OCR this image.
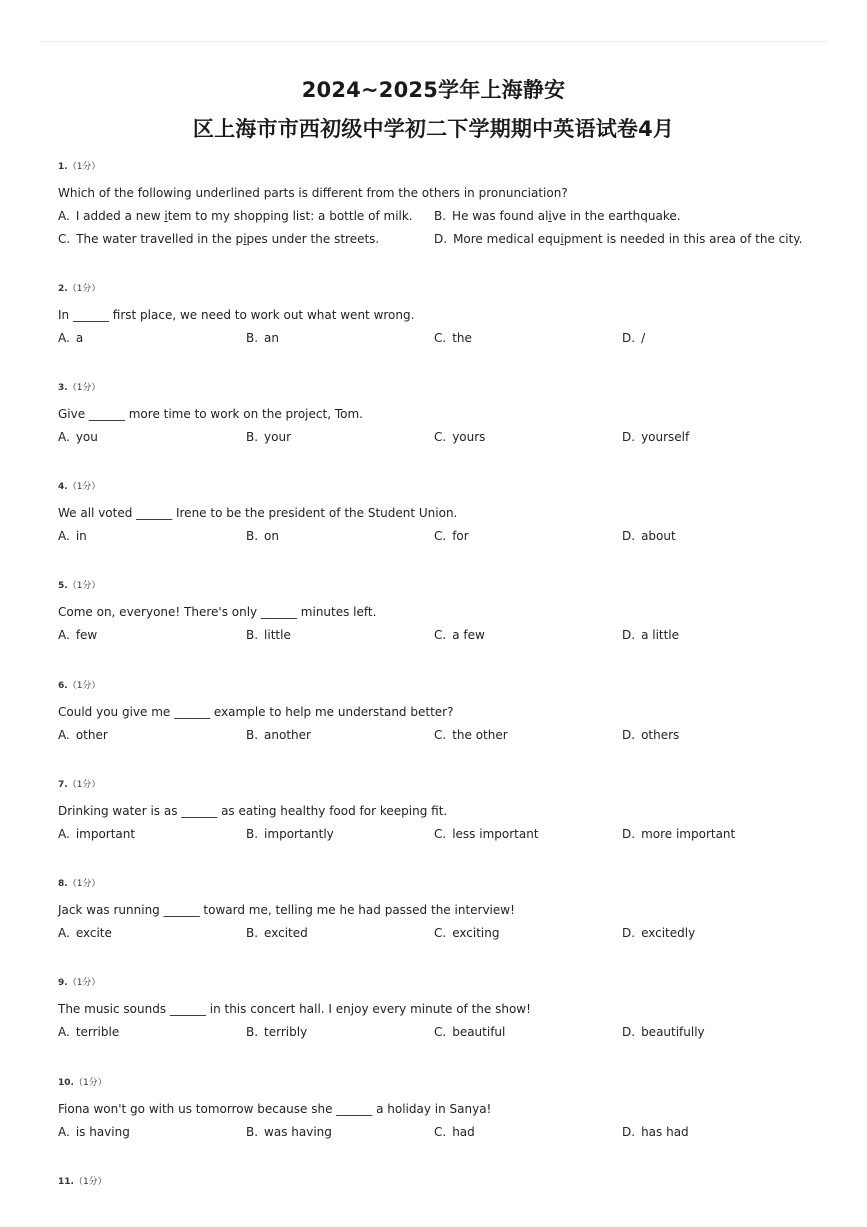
2024~2025学年上海静安
区上海市市西初级中学初二下学期期中英语试卷4月
1.（1分）
Which of the following underlined parts is different from the others in pronunciation?
A. I added a new item to my shopping list: a bottle of milk. B. He was found alive in the earthquake.
C. The water travelled in the pipes under the streets.	D. More medical equipment is needed in this area of the city.
2.（1分）
In ______ first place, we need to work out what went wrong.
A. a	B. an	C. the	D. /
3.（1分）
Give ______ more time to work on the project, Tom.
A. you	B. your	C. yours	D. yourself
4.（1分）
We all voted ______ Irene to be the president of the Student Union.
A. in	B. on	C. for	D. about
5.（1分）
Come on, everyone! There's only ______ minutes left.
A. few	B. little	C. a few	D. a little
6.（1分）
Could you give me ______ example to help me understand better?
A. other	B. another	C. the other	D. others
7.（1分）
Drinking water is as ______ as eating healthy food for keeping fit.
A. important	B. importantly	C. less important	D. more important
8.（1分）
Jack was running ______ toward me, telling me he had passed the interview!
A. excite	B. excited	C. exciting	D. excitedly
9.（1分）
The music sounds ______ in this concert hall. I enjoy every minute of the show!
A. terrible	B. terribly	C. beautiful	D. beautifully
10.（1分）
Fiona won't go with us tomorrow because she ______ a holiday in Sanya!
A. is having	B. was having	C. had	D. has had
11.（1分）
